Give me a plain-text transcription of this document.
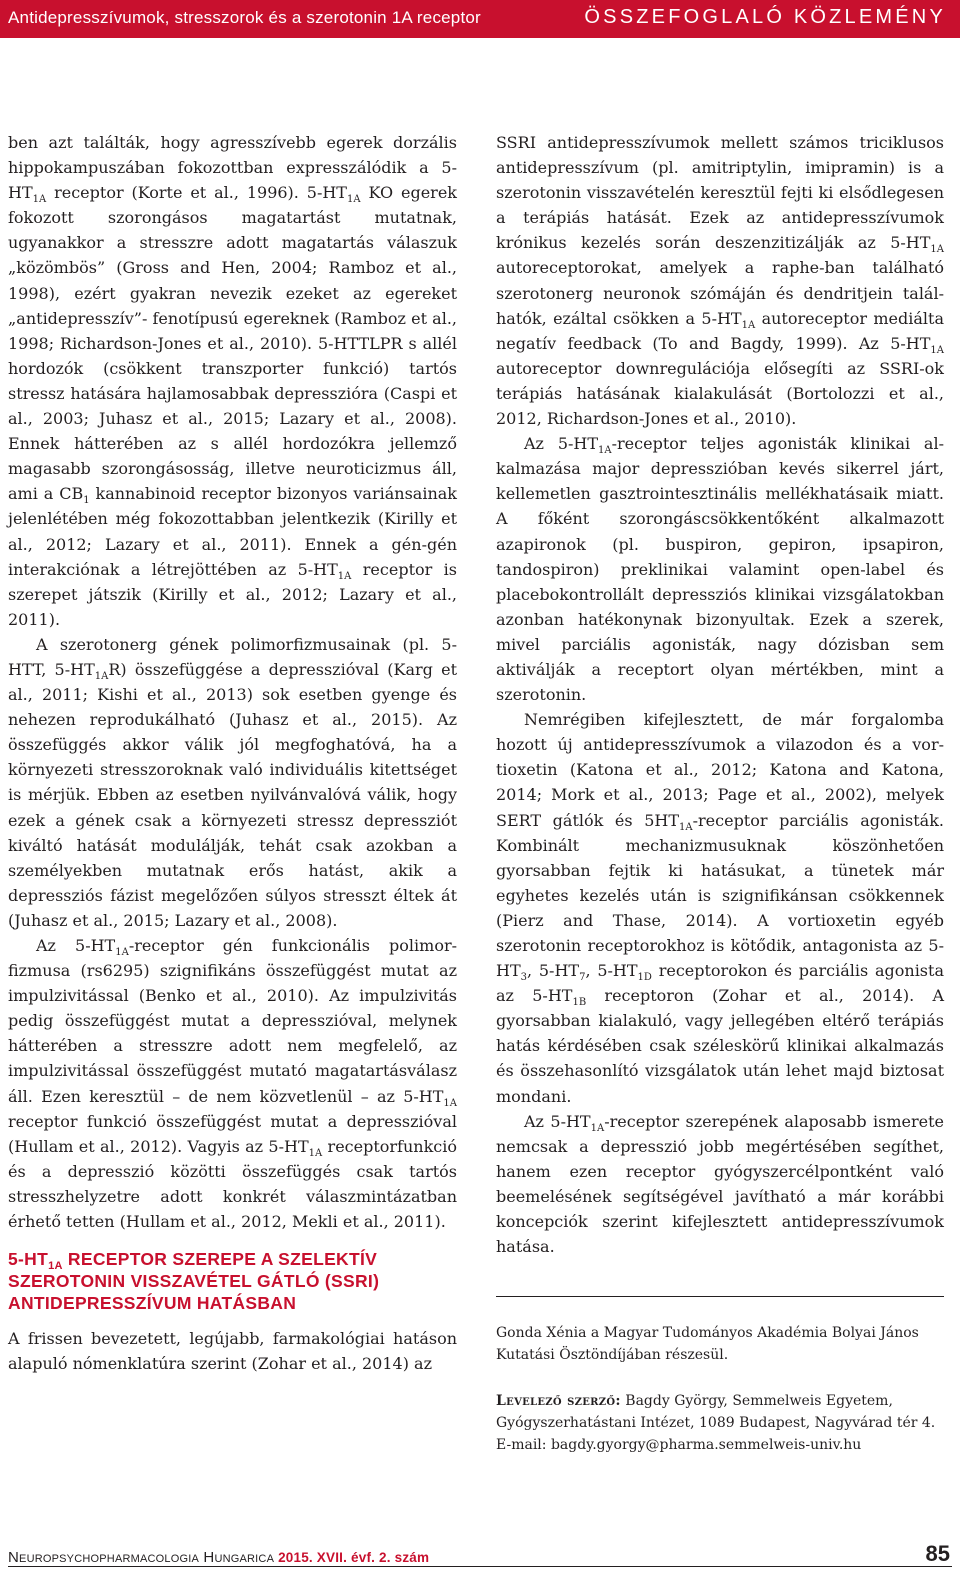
Antidepresszívumok, stresszorok és a szerotonin 1A receptor	ÖSSZEFOGLALÓ KÖZLEMÉNY

ben azt találták, hogy agresszívebb egerek dorzális hippokampuszában fokozottban expresszálódik a $5-HT_{1A}$ receptor (Korte et al., 1996). $5-HT_{1A}$ KO egerek fokozott szorongásos magatartást mutatnak, ugyanakkor a stresszre adott magatartás válaszuk „közömbös” (Gross and Hen, 2004; Ramboz et al., 1998), ezért gyakran nevezik ezeket az egereket „antidepresszív”- fenotípusú egereknek (Ramboz et al., 1998; Richardson-Jones et al., 2010). 5-HTTLPR s allél hordozók (csökkent transzporter funkció) tartós stressz hatására hajlamosabbak depresszióra (Caspi et al., 2003; Juhasz et al., 2015; Lazary et al., 2008). Ennek hátterében az s allél hordozókra jellemző magasabb szorongásosság, illetve neuroticizmus áll, ami a $CB_1$ kannabinoid receptor bizonyos variánsainak jelenlétében még fokozottabban jelentkezik (Kirilly et al., 2012; Lazary et al., 2011). Ennek a gén-gén interakciónak a létrejöttében az $5-HT_{1A}$ receptor is szerepet játszik (Kirilly et al., 2012; Lazary et al., 2011).

A szerotonerg gének polimorfizmusainak (pl. 5-HTT, $5-HT_{1A}R$) összefüggése a depresszióval (Karg et al., 2011; Kishi et al., 2013) sok esetben gyenge és nehezen reprodukálható (Juhasz et al., 2015). Az összefüggés akkor válik jól megfoghatóvá, ha a környezeti stresszoroknak való individuális kitettséget is mérjük. Ebben az esetben nyilvánvalóvá válik, hogy ezek a gének csak a környezeti stressz depressziót kiváltó hatását modulálják, tehát csak azokban a személyekben mutatnak erős hatást, akik a depressziós fázist megelőzően súlyos stresszt éltek át (Juhasz et al., 2015; Lazary et al., 2008).

Az $5-HT_{1A}$-receptor gén funkcionális polimorfizmusa (rs6295) szignifikáns összefüggést mutat az impulzivitással (Benko et al., 2010). Az impulzivitás pedig összefüggést mutat a depresszióval, melynek hátterében a stresszre adott nem megfelelő, az impulzivitással összefüggést mutató magatartásválasz áll. Ezen keresztül – de nem közvetlenül – az $5-HT_{1A}$ receptor funkció összefüggést mutat a depresszióval (Hullam et al., 2012). Vagyis az $5-HT_{1A}$ receptorfunkció és a depresszió közötti összefüggés csak tartós stresszhelyzetre adott konkrét válaszmintázatban érhető tetten (Hullam et al., 2012, Mekli et al., 2011).

$5-HT_{1A}$ RECEPTOR SZEREPE A SZELEKTÍV SZEROTONIN VISSZAVÉTEL GÁTLÓ (SSRI) ANTIDEPRESSZÍVUM HATÁSBAN

A frissen bevezetett, legújabb, farmakológiai hatáson alapuló nómenklatúra szerint (Zohar et al., 2014) az

SSRI antidepresszívumok mellett számos triciklusos antidepresszívum (pl. amitriptylin, imipramin) is a szerotonin visszavételén keresztül fejti ki elsődlegesen a terápiás hatását. Ezek az antidepresszívumok krónikus kezelés során deszenzitizálják az $5-HT_{1A}$ autoreceptorokat, amelyek a raphe-ban található szerotonerg neuronok szómáján és dendritjein találhatók, ezáltal csökken a $5-HT_{1A}$ autoreceptor mediálta negatív feedback (To and Bagdy, 1999). Az $5-HT_{1A}$ autoreceptor downregulációja elősegíti az SSRI-ok terápiás hatásának kialakulását (Bortolozzi et al., 2012, Richardson-Jones et al., 2010).

Az $5-HT_{1A}$-receptor teljes agonisták klinikai alkalmazása major depresszióban kevés sikerrel járt, kellemetlen gasztrointesztinális mellékhatásaik miatt. A főként szorongáscsökkentőként alkalmazott azapironok (pl. buspiron, gepiron, ipsapiron, tandospiron) preklinikai valamint open-label és placebokontrollált depressziós klinikai vizsgálatokban azonban hatékonynak bizonyultak. Ezek a szerek, mivel parciális agonisták, nagy dózisban sem aktiválják a receptort olyan mértékben, mint a szerotonin.

Nemrégiben kifejlesztett, de már forgalomba hozott új antidepresszívumok a vilazodon és a vortioxetin (Katona et al., 2012; Katona and Katona, 2014; Mork et al., 2013; Page et al., 2002), melyek SERT gátlók és $5HT_{1A}$-receptor parciális agonisták. Kombinált mechanizmusuknak köszönhetően gyorsabban fejtik ki hatásukat, a tünetek már egyhetes kezelés után is szignifikánsan csökkennek (Pierz and Thase, 2014). A vortioxetin egyéb szerotonin receptorokhoz is kötődik, antagonista az $5-HT_3$, $5-HT_7$, $5-HT_{1D}$ receptorokon és parciális agonista az $5-HT_{1B}$ receptoron (Zohar et al., 2014). A gyorsabban kialakuló, vagy jellegében eltérő terápiás hatás kérdésében csak széleskörű klinikai alkalmazás és összehasonlító vizsgálatok után lehet majd biztosat mondani.

Az $5-HT_{1A}$-receptor szerepének alaposabb ismerete nemcsak a depresszió jobb megértésében segíthet, hanem ezen receptor gyógyszercélpontként való beemelésének segítségével javítható a már korábbi koncepciók szerint kifejlesztett antidepresszívumok hatása.

Gonda Xénia a Magyar Tudományos Akadémia Bolyai János Kutatási Ösztöndíjában részesül.

Levelező szerző: Bagdy György, Semmelweis Egyetem, Gyógyszerhatástani Intézet, 1089 Budapest, Nagyvárad tér 4. E-mail: bagdy.gyorgy@pharma.semmelweis-univ.hu

Neuropsychopharmacologia Hungarica 2015. XVII. évf. 2. szám	85
